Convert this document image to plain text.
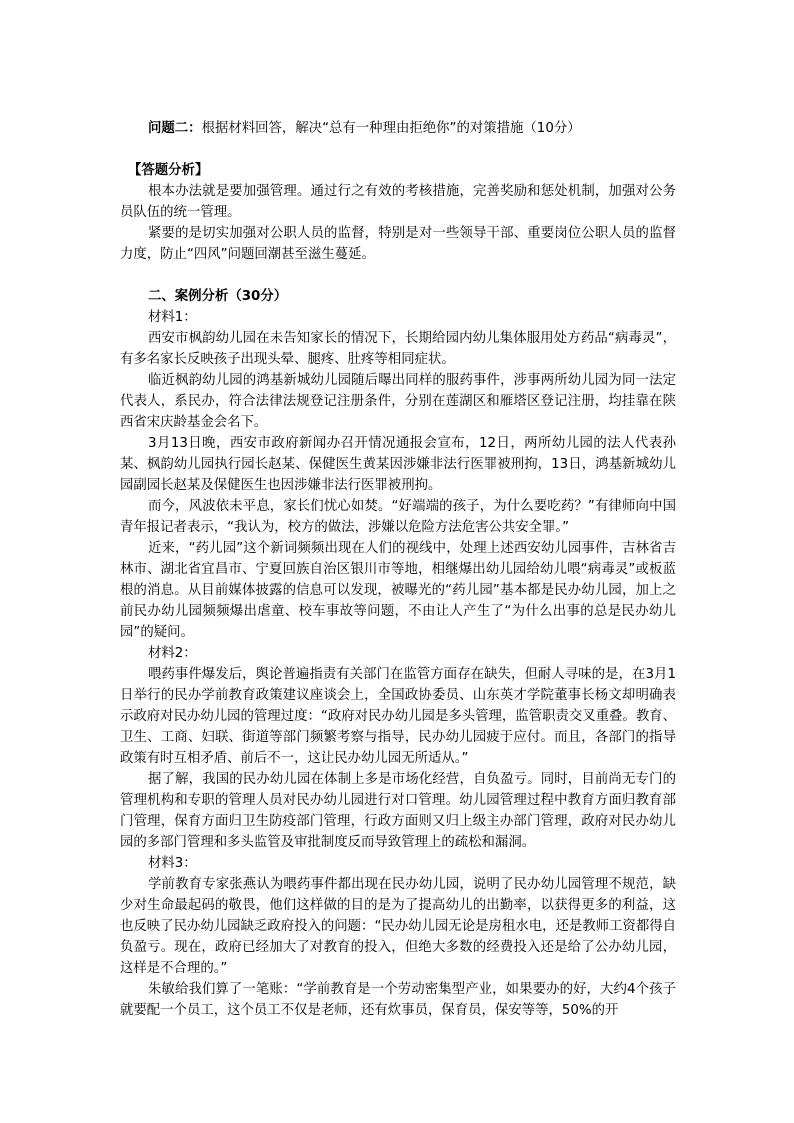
问题二：根据材料回答，解决“总有一种理由拒绝你”的对策措施（10分）

【答题分析】

根本办法就是要加强管理。通过行之有效的考核措施，完善奖励和惩处机制，加强对公务员队伍的统一管理。

紧要的是切实加强对公职人员的监督，特别是对一些领导干部、重要岗位公职人员的监督力度，防止“四风”问题回潮甚至滋生蔓延。

二、案例分析（30分）

材料1：

西安市枫韵幼儿园在未告知家长的情况下，长期给园内幼儿集体服用处方药品“病毒灵”，有多名家长反映孩子出现头晕、腿疼、肚疼等相同症状。

临近枫韵幼儿园的鸿基新城幼儿园随后曝出同样的服药事件，涉事两所幼儿园为同一法定代表人，系民办，符合法律法规登记注册条件，分别在莲湖区和雁塔区登记注册，均挂靠在陕西省宋庆龄基金会名下。

3月13日晚，西安市政府新闻办召开情况通报会宣布，12日，两所幼儿园的法人代表孙某、枫韵幼儿园执行园长赵某、保健医生黄某因涉嫌非法行医罪被刑拘，13日，鸿基新城幼儿园副园长赵某及保健医生也因涉嫌非法行医罪被刑拘。

而今，风波依未平息，家长们忧心如焚。“好端端的孩子，为什么要吃药？”有律师向中国青年报记者表示，“我认为，校方的做法，涉嫌以危险方法危害公共安全罪。”

近来，“药儿园”这个新词频频出现在人们的视线中，处理上述西安幼儿园事件，吉林省吉林市、湖北省宜昌市、宁夏回族自治区银川市等地，相继爆出幼儿园给幼儿喂“病毒灵”或板蓝根的消息。从目前媒体披露的信息可以发现，被曝光的“药儿园”基本都是民办幼儿园，加上之前民办幼儿园频频爆出虐童、校车事故等问题，不由让人产生了“为什么出事的总是民办幼儿园”的疑问。

材料2：

喂药事件爆发后，舆论普遍指责有关部门在监管方面存在缺失，但耐人寻味的是，在3月1日举行的民办学前教育政策建议座谈会上，全国政协委员、山东英才学院董事长杨文却明确表示政府对民办幼儿园的管理过度：“政府对民办幼儿园是多头管理，监管职责交叉重叠。教育、卫生、工商、妇联、街道等部门频繁考察与指导，民办幼儿园疲于应付。而且，各部门的指导政策有时互相矛盾、前后不一，这让民办幼儿园无所适从。”

据了解，我国的民办幼儿园在体制上多是市场化经营，自负盈亏。同时，目前尚无专门的管理机构和专职的管理人员对民办幼儿园进行对口管理。幼儿园管理过程中教育方面归教育部门管理，保育方面归卫生防疫部门管理，行政方面则又归上级主办部门管理，政府对民办幼儿园的多部门管理和多头监管及审批制度反而导致管理上的疏松和漏洞。

材料3：

学前教育专家张燕认为喂药事件都出现在民办幼儿园，说明了民办幼儿园管理不规范，缺少对生命最起码的敬畏，他们这样做的目的是为了提高幼儿的出勤率，以获得更多的利益，这也反映了民办幼儿园缺乏政府投入的问题：“民办幼儿园无论是房租水电，还是教师工资都得自负盈亏。现在，政府已经加大了对教育的投入，但绝大多数的经费投入还是给了公办幼儿园，这样是不合理的。”

朱敏给我们算了一笔账：“学前教育是一个劳动密集型产业，如果要办的好，大约4个孩子就要配一个员工，这个员工不仅是老师，还有炊事员，保育员，保安等等，50%的开
